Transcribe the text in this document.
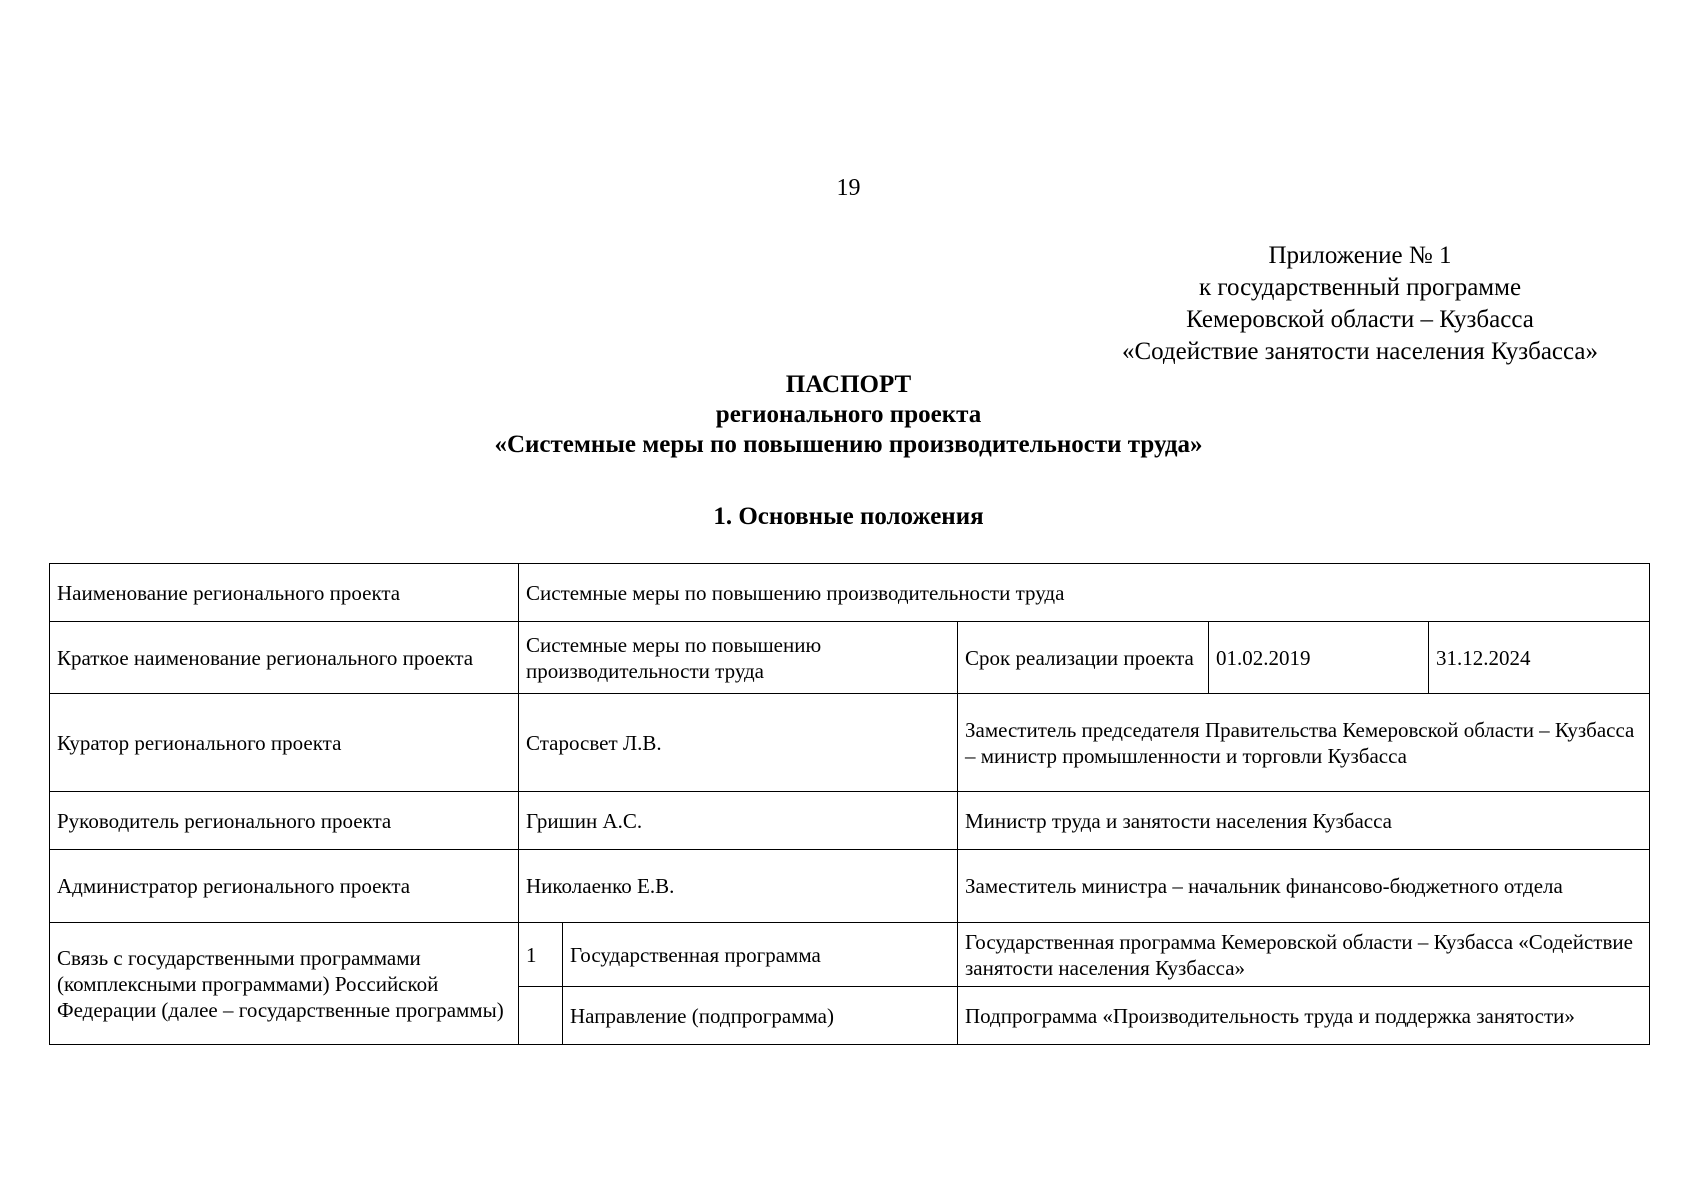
19
Приложение № 1
к государственный программе
Кемеровской области – Кузбасса
«Содействие занятости населения Кузбасса»
ПАСПОРТ
регионального проекта
«Системные меры по повышению производительности труда»
1. Основные положения
Наименование регионального проекта	Системные меры по повышению производительности труда				
Краткое наименование регионального проекта	Системные меры по повышению производительности труда		Срок реализации проекта	01.02.2019	31.12.2024
Куратор регионального проекта	Старосвет Л.В.		Заместитель председателя Правительства Кемеровской области – Кузбасса – министр промышленности и торговли Кузбасса		
Руководитель регионального проекта	Гришин А.С.		Министр труда и занятости населения Кузбасса		
Администратор регионального проекта	Николаенко Е.В.		Заместитель министра – начальник финансово-бюджетного отдела		
Связь с государственными программами (комплексными программами) Российской Федерации (далее – государственные программы)	1	Государственная программа	Государственная программа Кемеровской области – Кузбасса «Содействие занятости населения Кузбасса»		
		Направление (подпрограмма)	Подпрограмма «Производительность труда и поддержка занятости»		
